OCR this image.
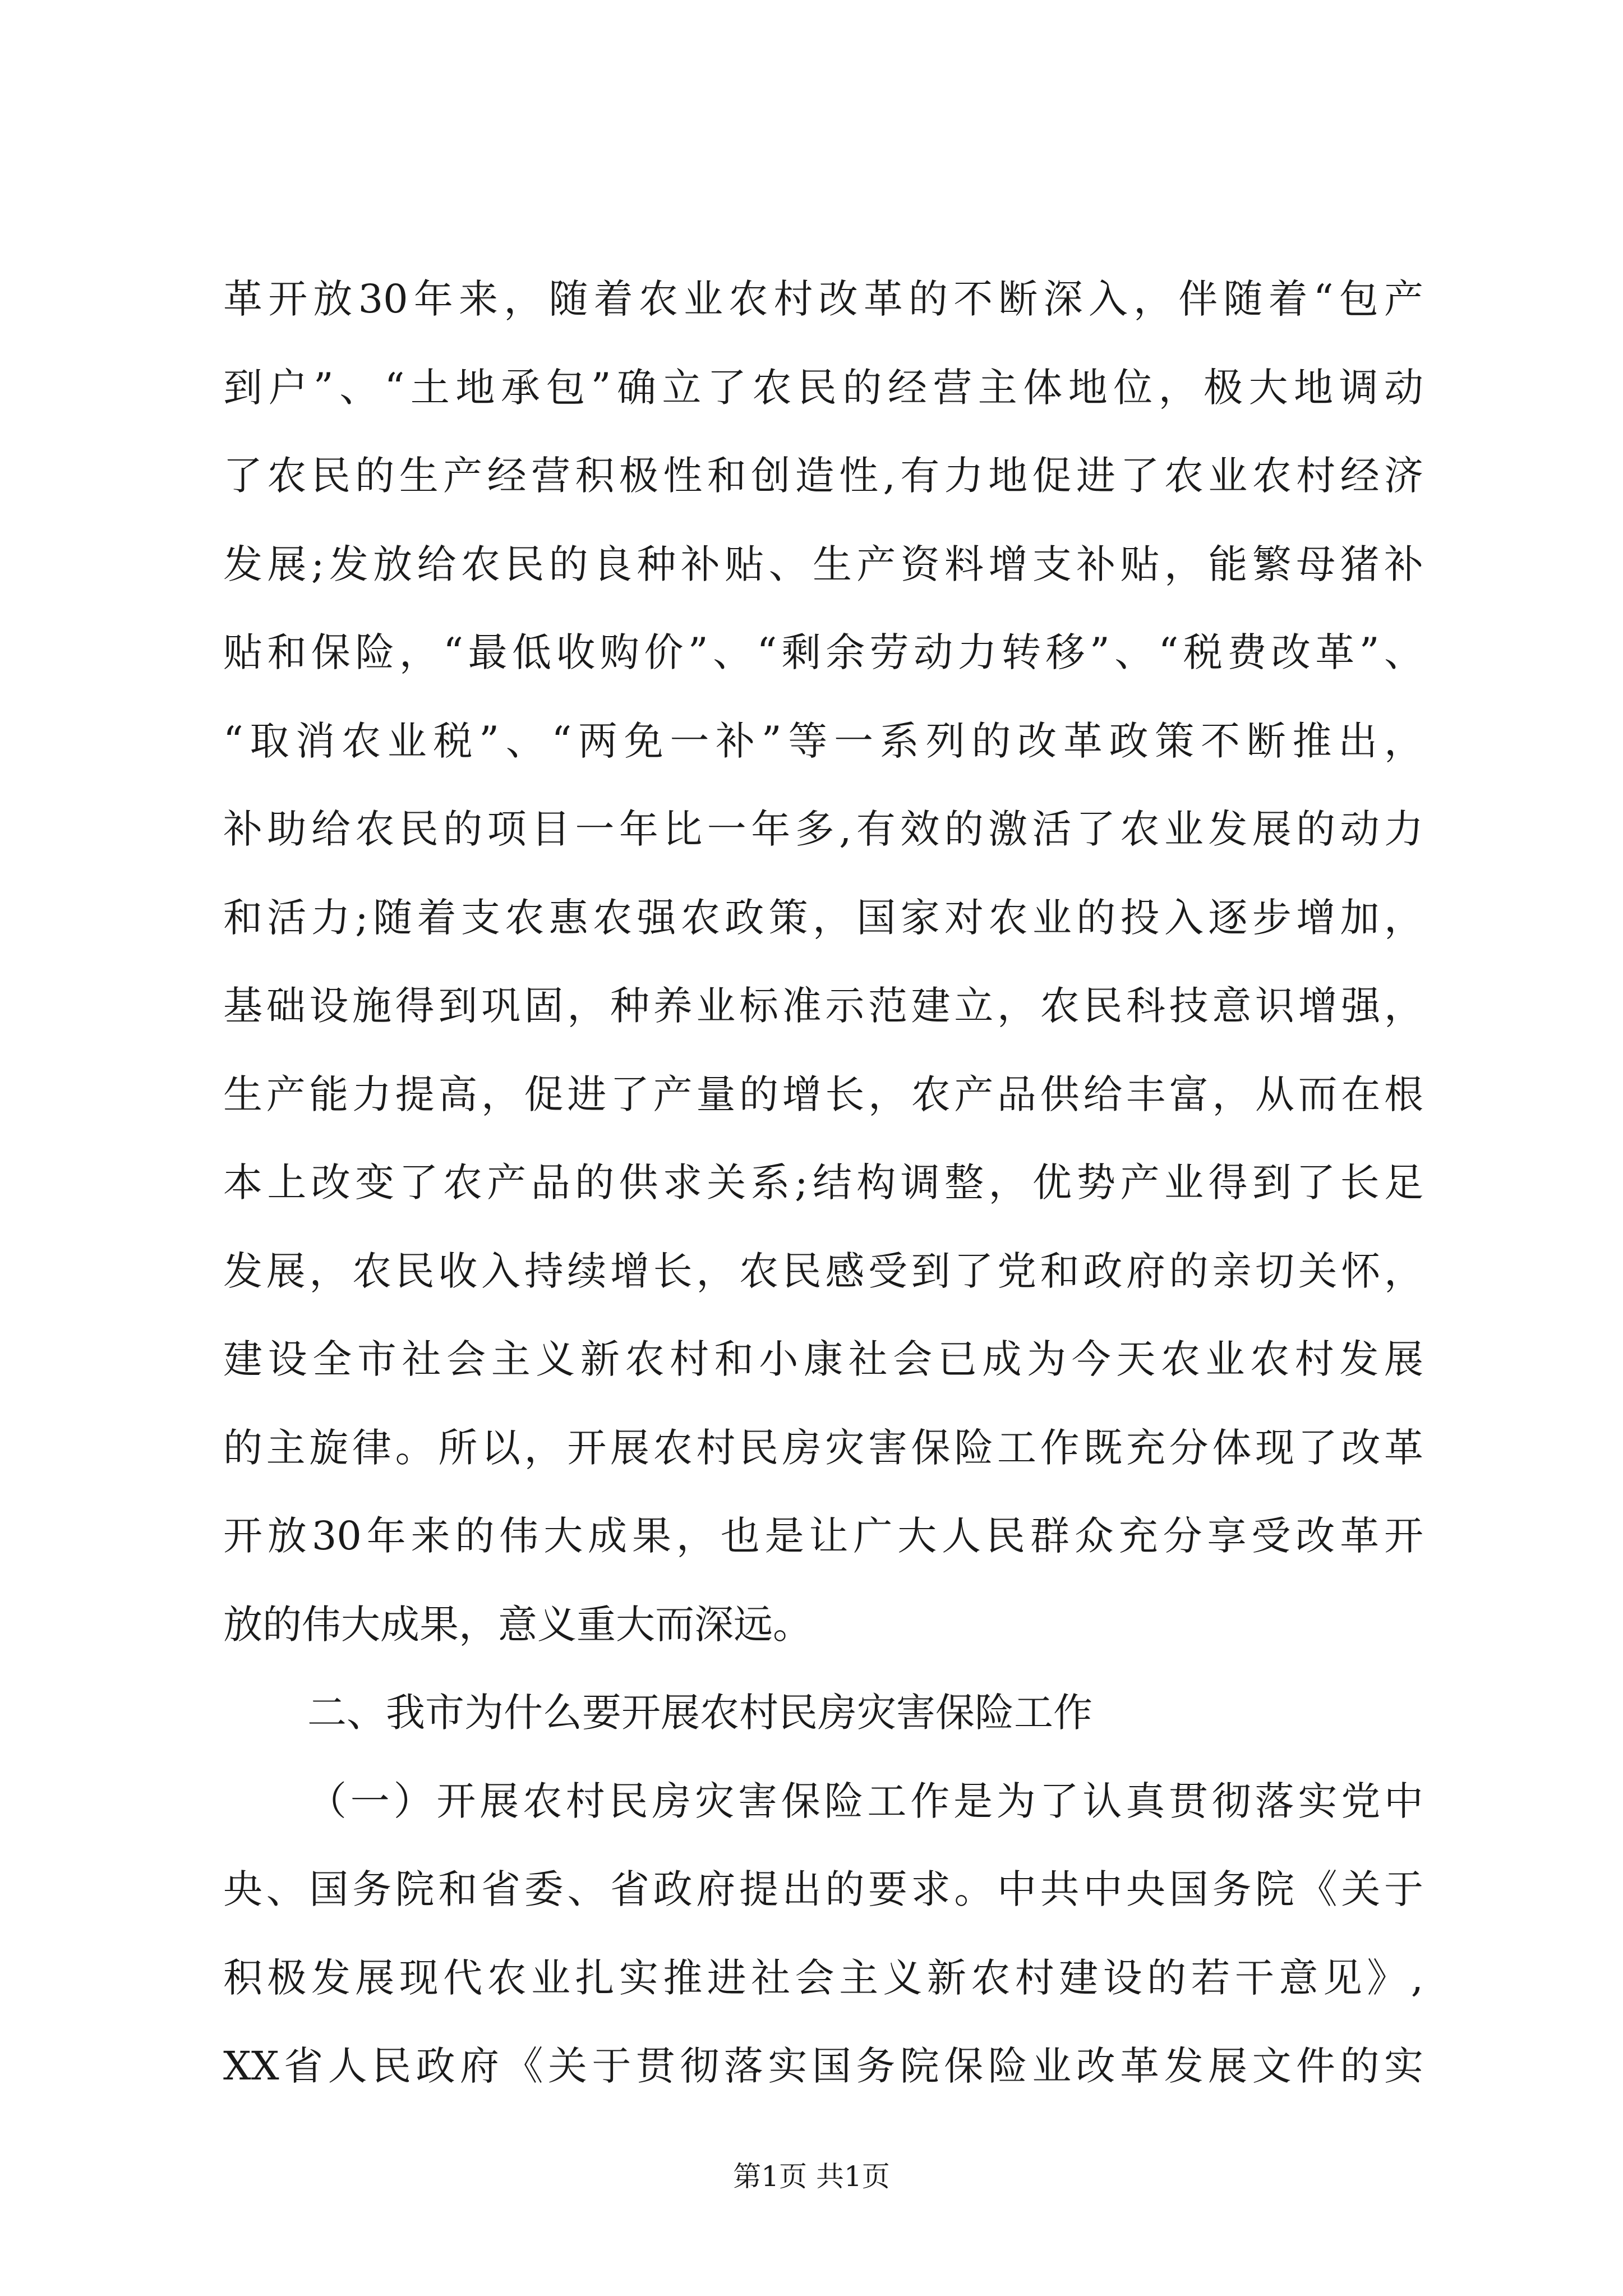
革开放30年来，随着农业农村改革的不断深入，伴随着“包产
到户”、“土地承包”确立了农民的经营主体地位，极大地调动
了农民的生产经营积极性和创造性,有力地促进了农业农村经济
发展;发放给农民的良种补贴、生产资料增支补贴，能繁母猪补
贴和保险，“最低收购价”、“剩余劳动力转移”、“税费改革”、
“取消农业税”、“两免一补”等一系列的改革政策不断推出，
补助给农民的项目一年比一年多,有效的激活了农业发展的动力
和活力;随着支农惠农强农政策，国家对农业的投入逐步增加，
基础设施得到巩固，种养业标准示范建立，农民科技意识增强，
生产能力提高，促进了产量的增长，农产品供给丰富，从而在根
本上改变了农产品的供求关系;结构调整，优势产业得到了长足
发展，农民收入持续增长，农民感受到了党和政府的亲切关怀，
建设全市社会主义新农村和小康社会已成为今天农业农村发展
的主旋律。所以，开展农村民房灾害保险工作既充分体现了改革
开放30年来的伟大成果，也是让广大人民群众充分享受改革开
放的伟大成果，意义重大而深远。
二、我市为什么要开展农村民房灾害保险工作
（一）开展农村民房灾害保险工作是为了认真贯彻落实党中
央、国务院和省委、省政府提出的要求。中共中央国务院《关于
积极发展现代农业扎实推进社会主义新农村建设的若干意见》,
XX省人民政府《关于贯彻落实国务院保险业改革发展文件的实
第1页 共1页
